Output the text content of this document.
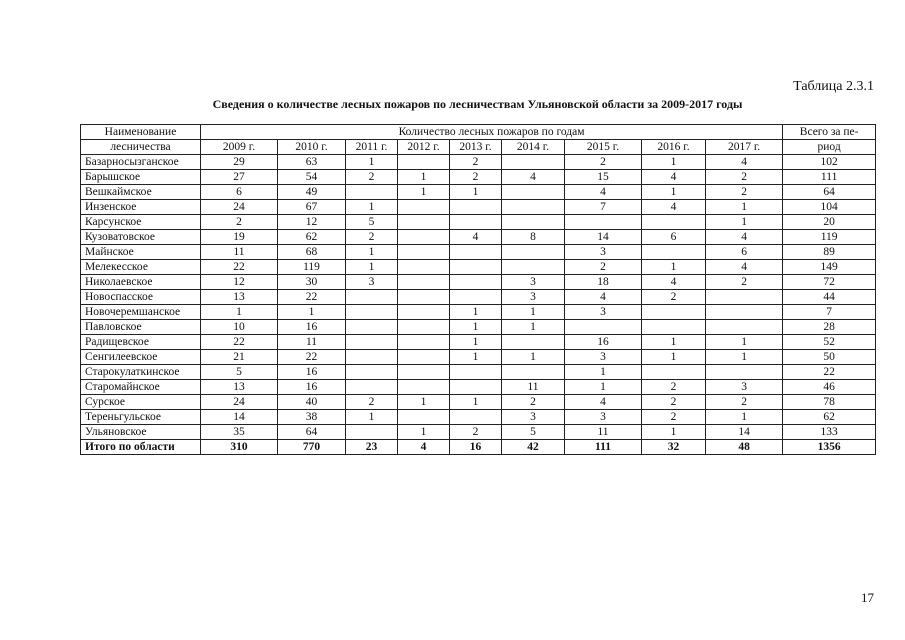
Таблица 2.3.1
Сведения о количестве лесных пожаров по лесничествам Ульяновской области за 2009-2017 годы
Наименование	Количество лесных пожаров по годам									Всего за пе-
лесничества	2009 г.	2010 г.	2011 г.	2012 г.	2013 г.	2014 г.	2015 г.	2016 г.	2017 г.	риод
Базарносызганское	29	63	1		2		2	1	4	102
Барышское	27	54	2	1	2	4	15	4	2	111
Вешкаймское	6	49		1	1		4	1	2	64
Инзенское	24	67	1				7	4	1	104
Карсунское	2	12	5						1	20
Кузоватовское	19	62	2		4	8	14	6	4	119
Майнское	11	68	1				3		6	89
Мелекесское	22	119	1				2	1	4	149
Николаевское	12	30	3			3	18	4	2	72
Новоспасское	13	22				3	4	2		44
Новочеремшанское	1	1			1	1	3			7
Павловское	10	16			1	1				28
Радищевское	22	11			1		16	1	1	52
Сенгилеевское	21	22			1	1	3	1	1	50
Старокулаткинское	5	16					1			22
Старомайнское	13	16				11	1	2	3	46
Сурское	24	40	2	1	1	2	4	2	2	78
Тереньгульское	14	38	1			3	3	2	1	62
Ульяновское	35	64		1	2	5	11	1	14	133
Итого по области	310	770	23	4	16	42	111	32	48	1356
17
